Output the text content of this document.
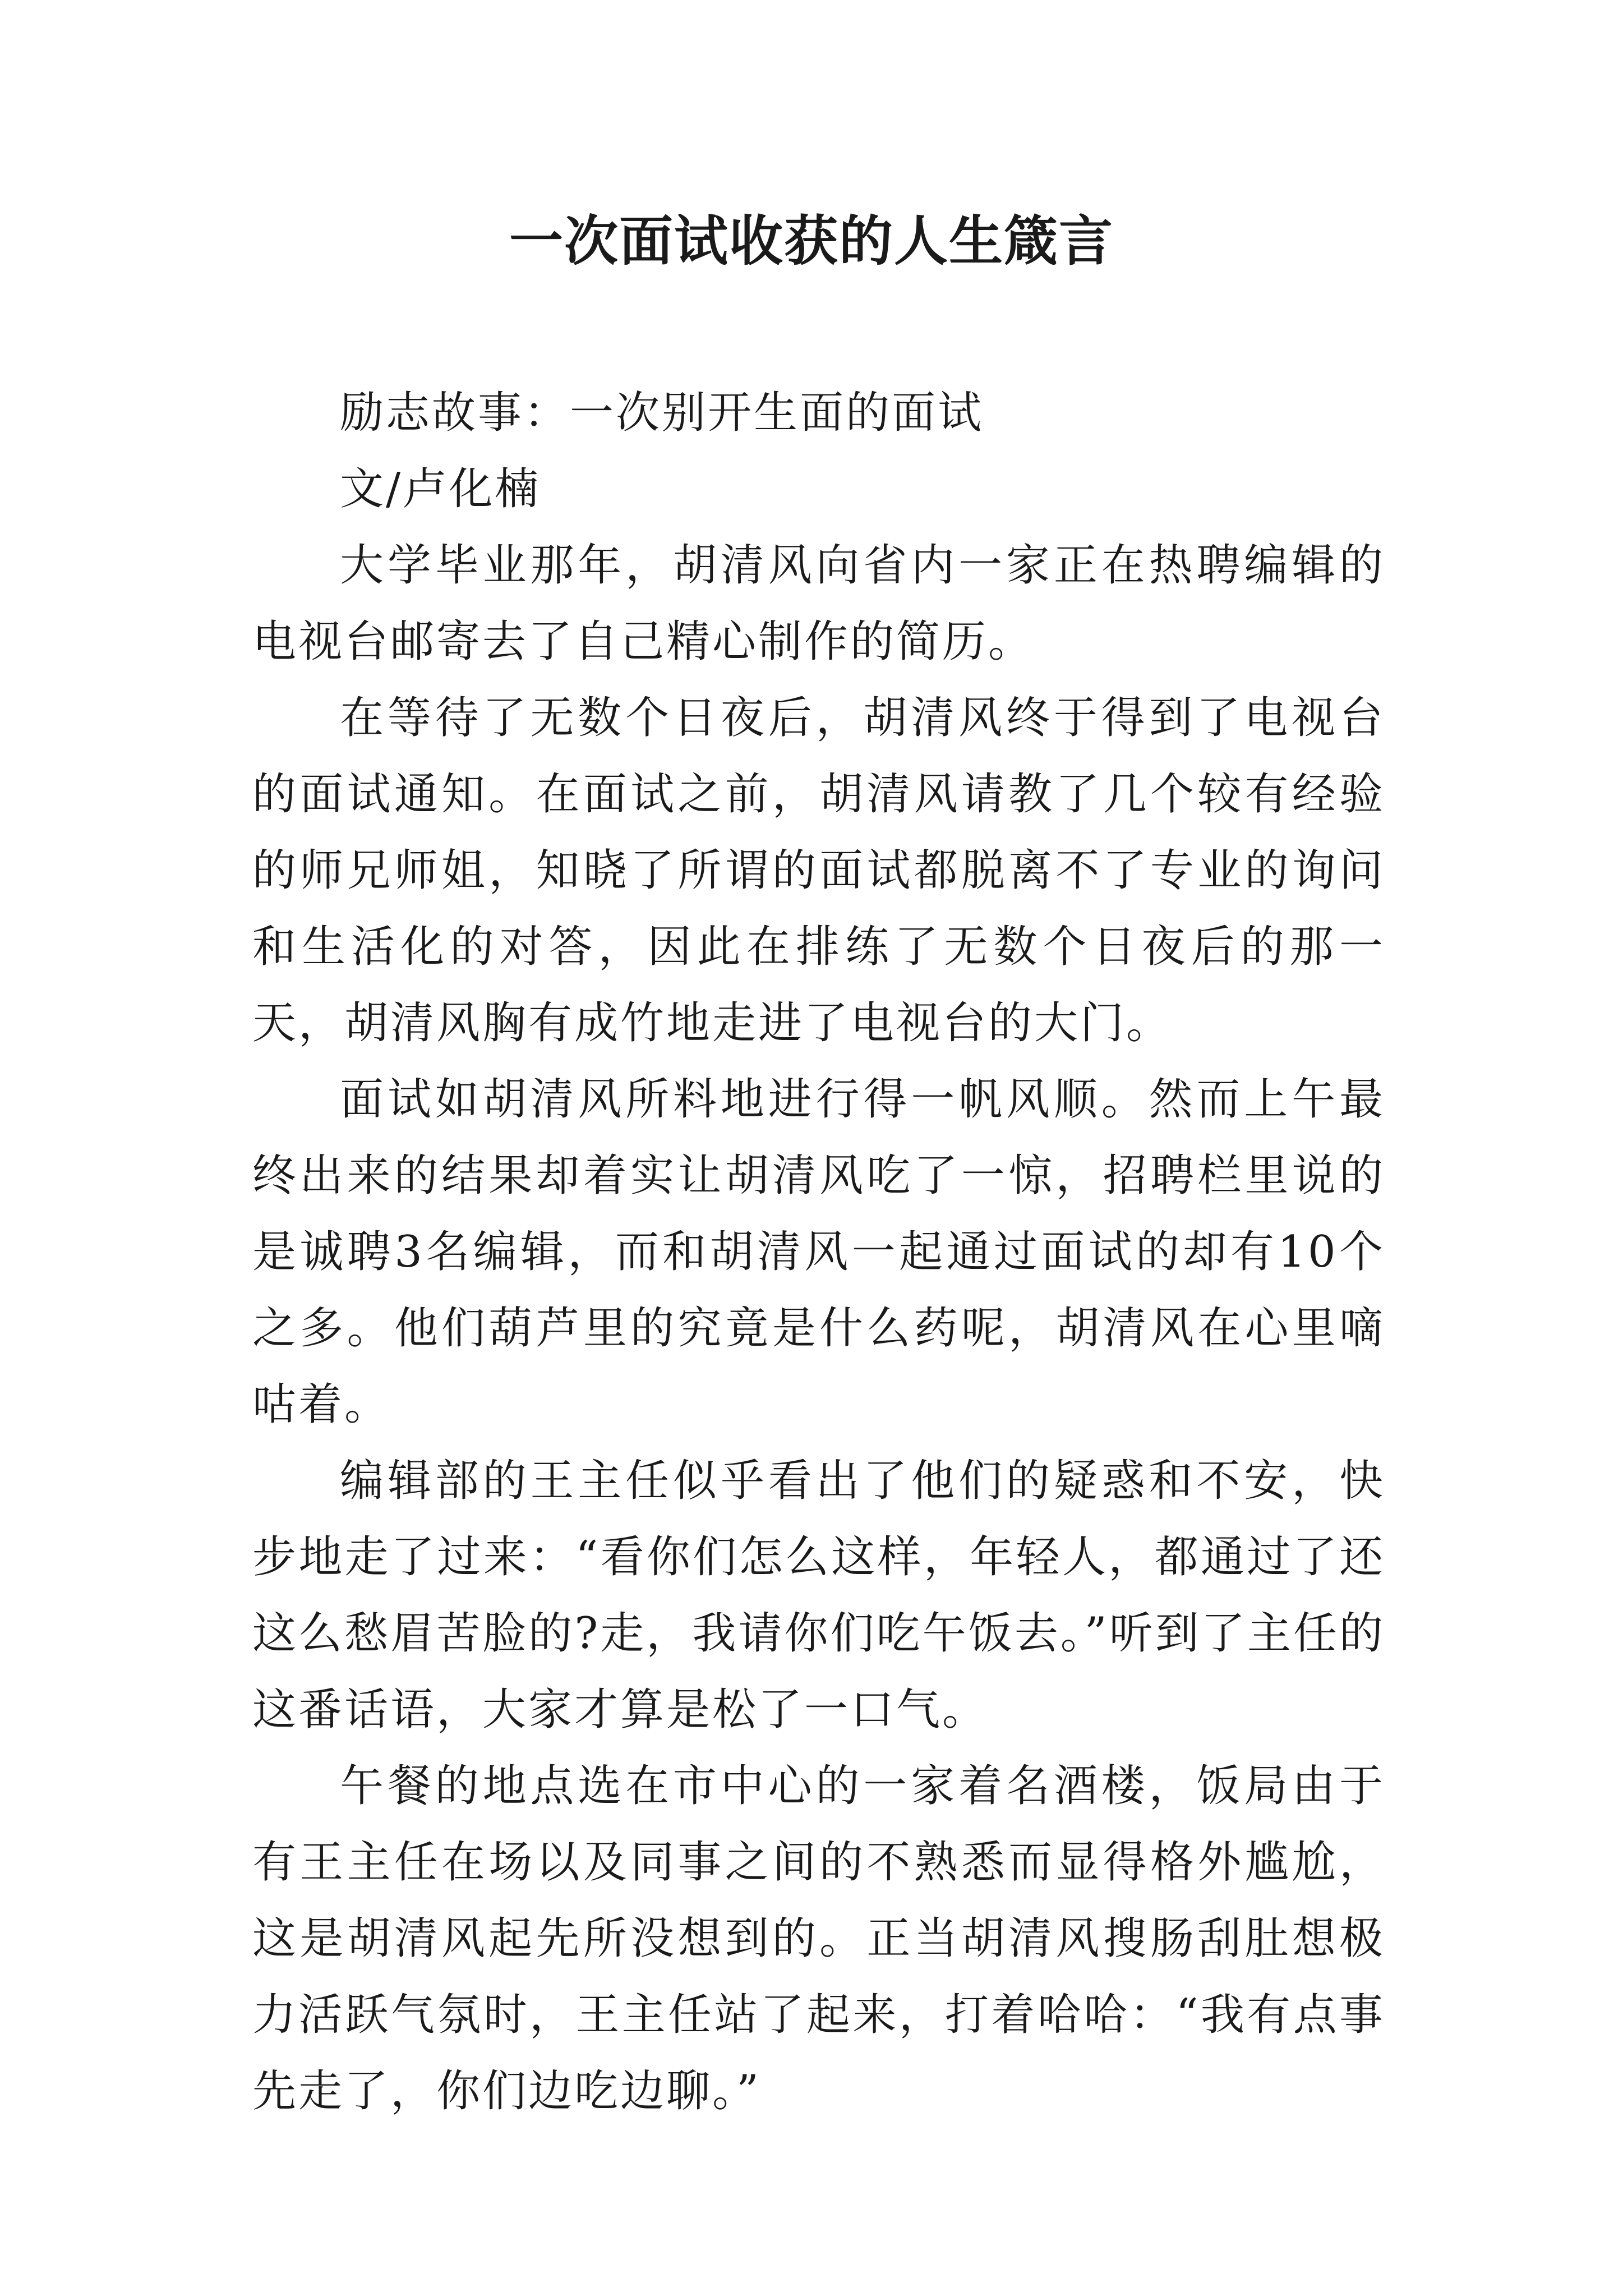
一次面试收获的人生箴言

励志故事：一次别开生面的面试

文/卢化楠

大学毕业那年，胡清风向省内一家正在热聘编辑的电视台邮寄去了自己精心制作的简历。

在等待了无数个日夜后，胡清风终于得到了电视台的面试通知。在面试之前，胡清风请教了几个较有经验的师兄师姐，知晓了所谓的面试都脱离不了专业的询问和生活化的对答，因此在排练了无数个日夜后的那一天，胡清风胸有成竹地走进了电视台的大门。

面试如胡清风所料地进行得一帆风顺。然而上午最终出来的结果却着实让胡清风吃了一惊，招聘栏里说的是诚聘3名编辑，而和胡清风一起通过面试的却有10个之多。他们葫芦里的究竟是什么药呢，胡清风在心里嘀咕着。

编辑部的王主任似乎看出了他们的疑惑和不安，快步地走了过来：“看你们怎么这样，年轻人，都通过了还这么愁眉苦脸的?走，我请你们吃午饭去。”听到了主任的这番话语，大家才算是松了一口气。

午餐的地点选在市中心的一家着名酒楼，饭局由于有王主任在场以及同事之间的不熟悉而显得格外尴尬，这是胡清风起先所没想到的。正当胡清风搜肠刮肚想极力活跃气氛时，王主任站了起来，打着哈哈：“我有点事先走了，你们边吃边聊。”
